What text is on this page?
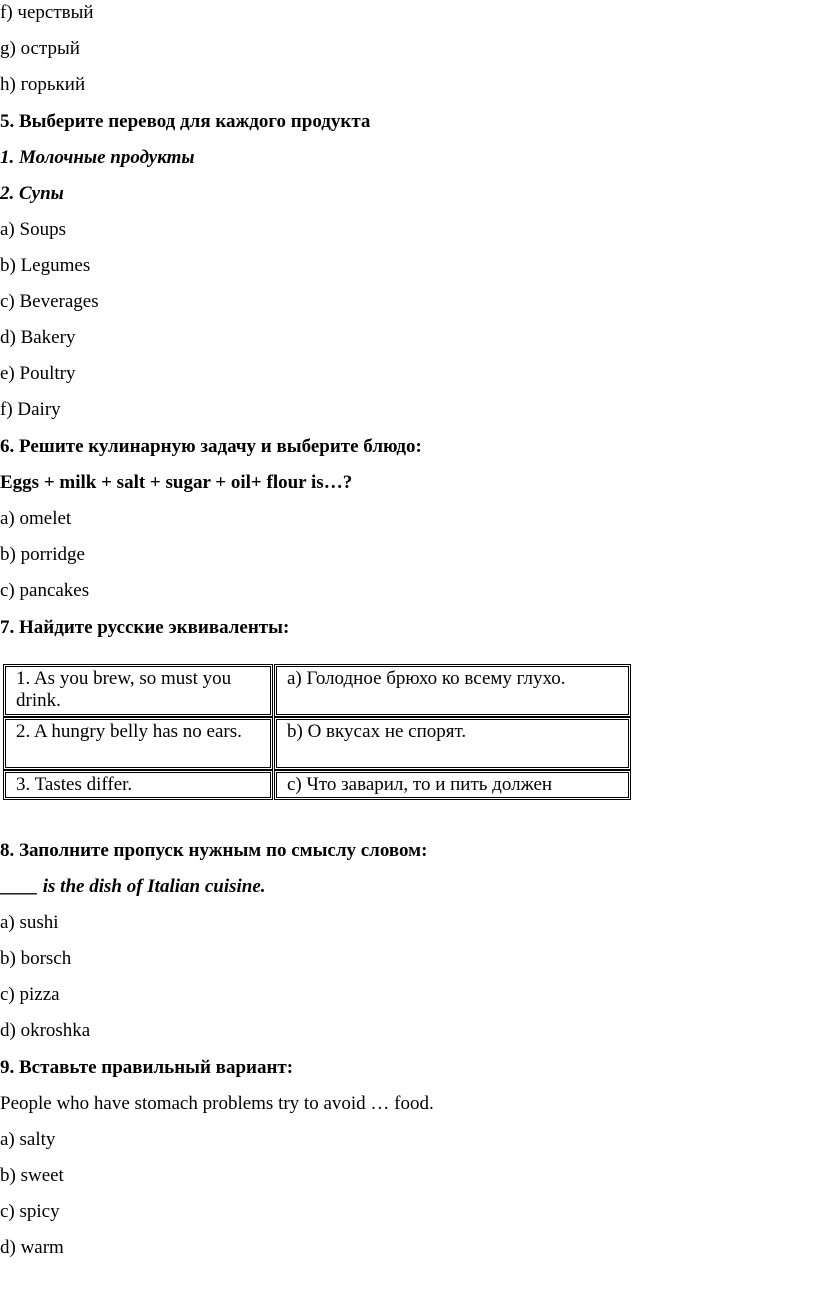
f) черствый
g) острый
h) горький
5. Выберите перевод для каждого продукта
1. Молочные продукты
2. Супы
a) Soups
b) Legumes
c) Beverages
d) Bakery
e) Poultry
f) Dairy
6. Решите кулинарную задачу и выберите блюдо:
Eggs + milk + salt + sugar + oil+ flour is…?
a) omelet
b) porridge
c) pancakes
7. Найдите русские эквиваленты:
1. As you brew, so must you drink.
a) Голодное брюхо ко всему глухо.
2. A hungry belly has no ears.	b) О вкусах не спорят.
3. Tastes differ.	c) Что заварил, то и пить должен
8. Заполните пропуск нужным по смыслу словом:
____ is the dish of Italian cuisine.
a) sushi
b) borsch
c) pizza
d) okroshka
9. Вставьте правильный вариант:
People who have stomach problems try to avoid … food.
a) salty
b) sweet
c) spicy
d) warm
